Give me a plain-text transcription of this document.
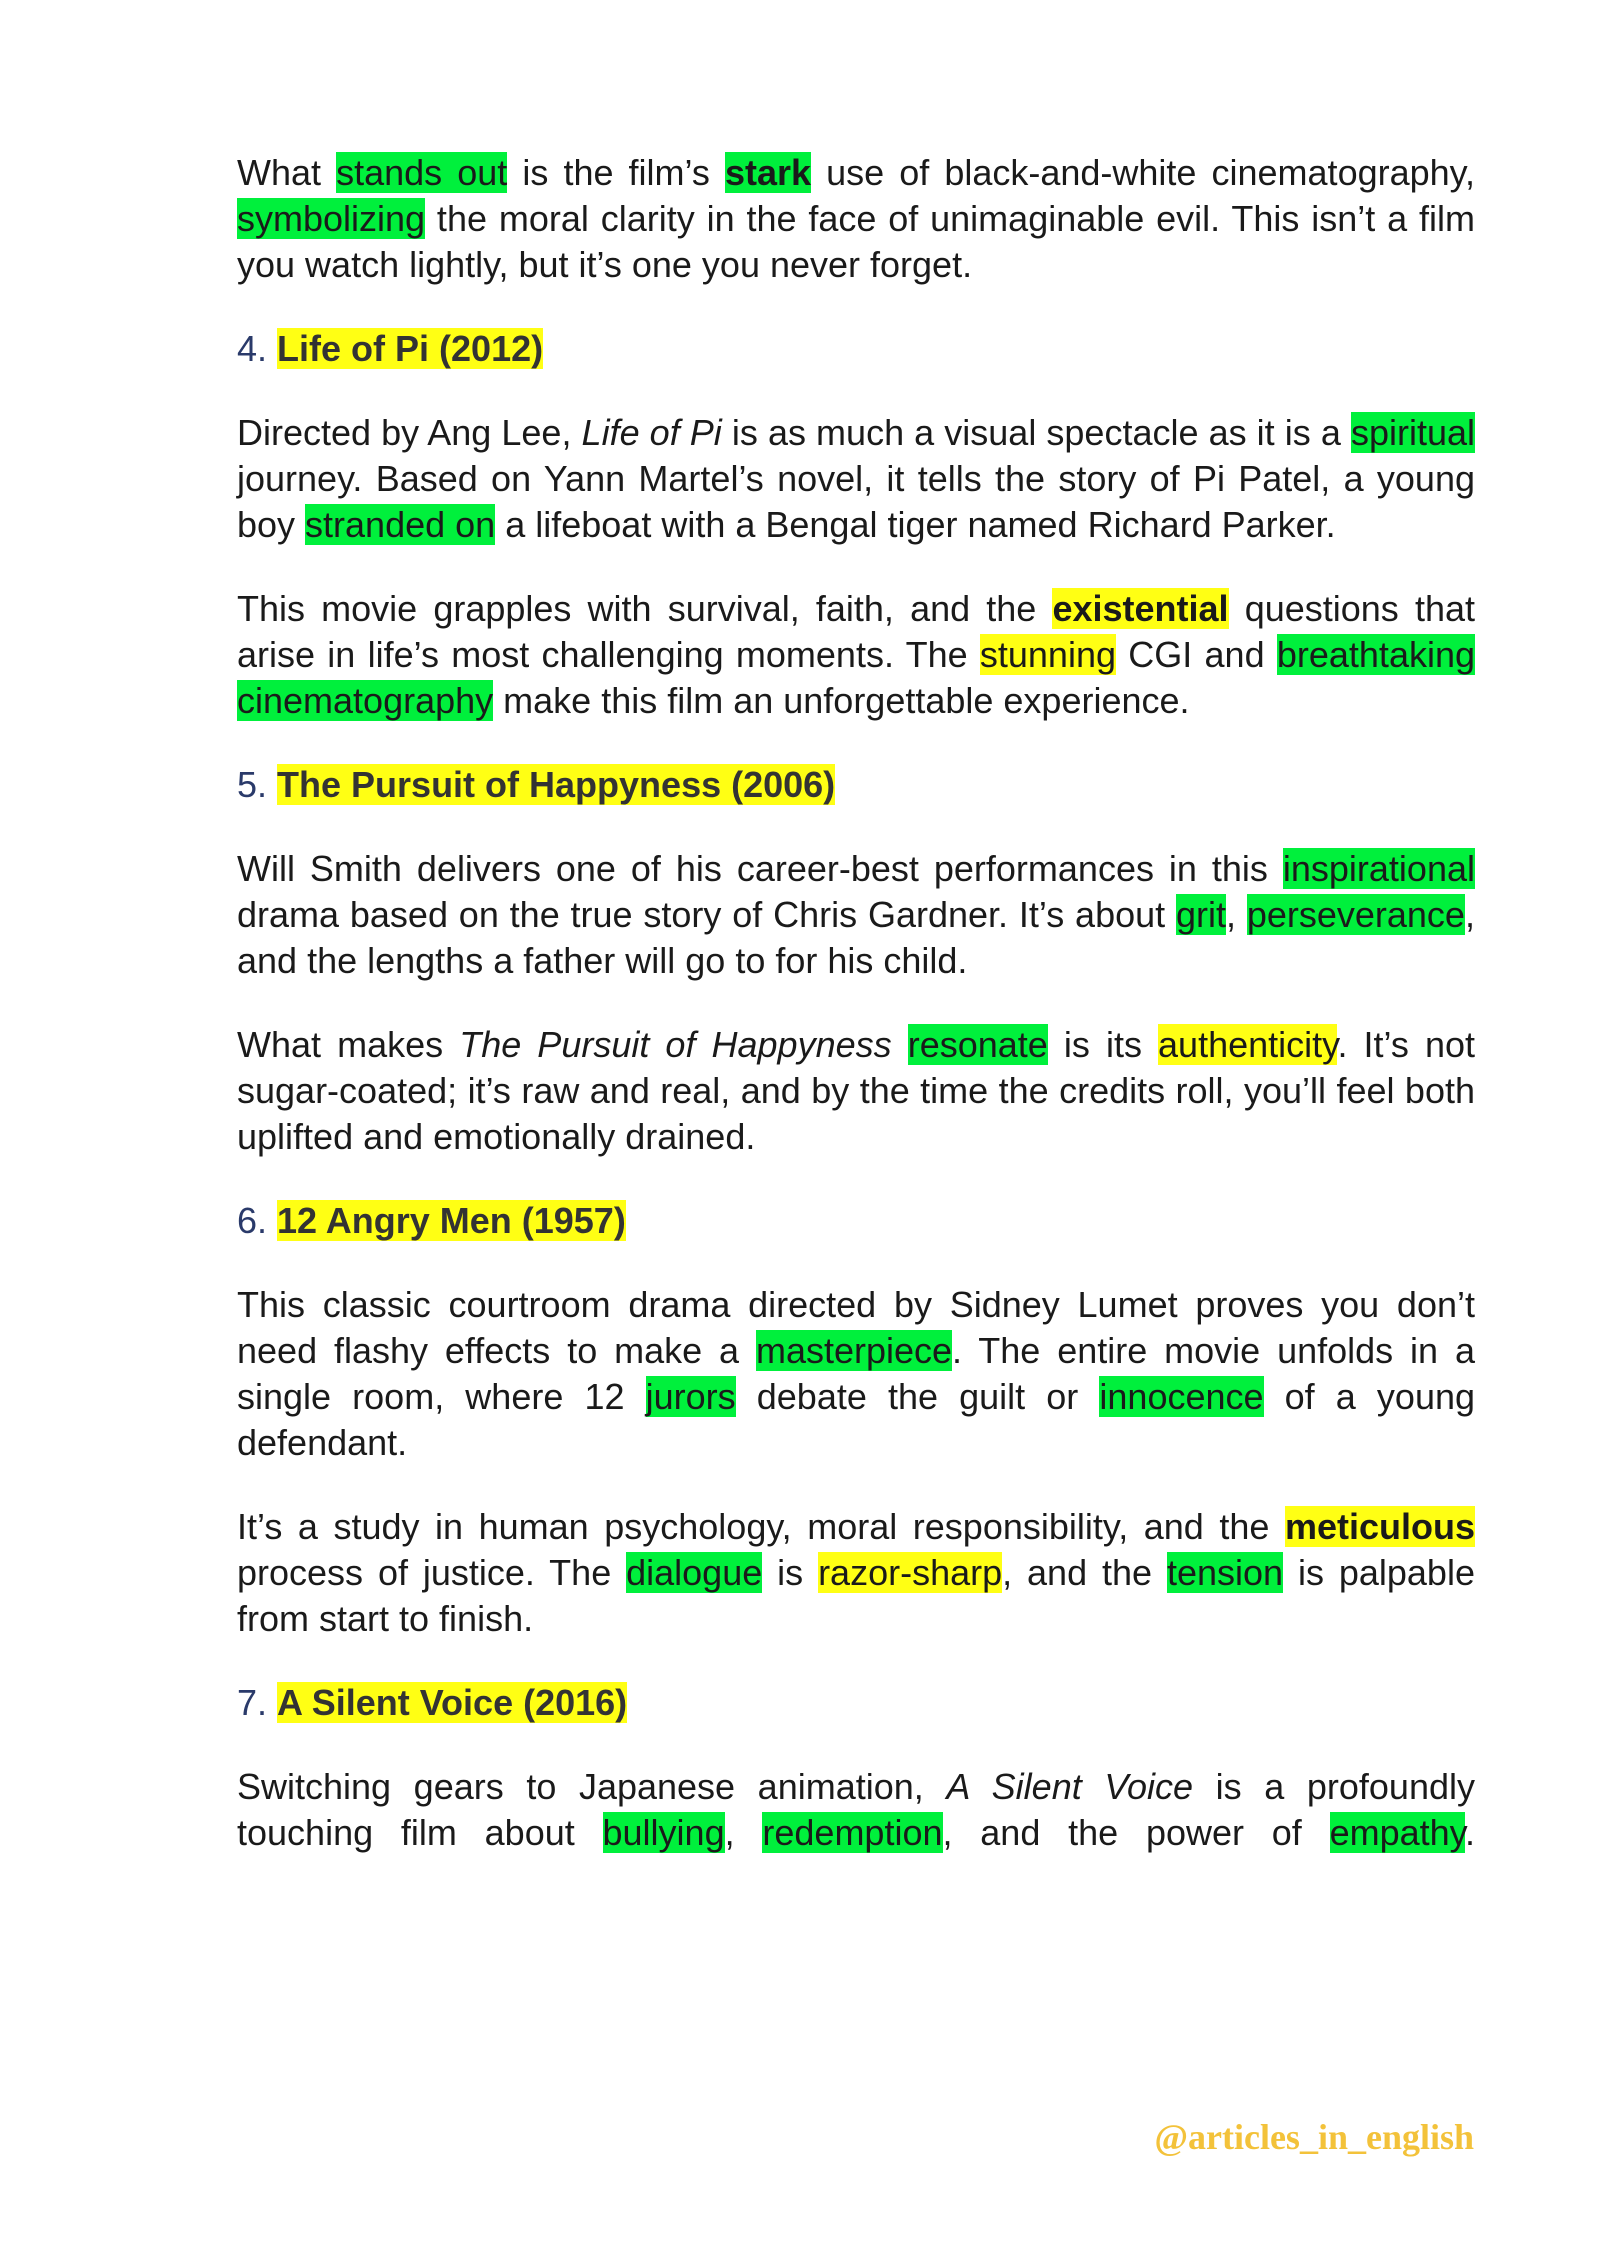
What stands out is the film’s stark use of black-and-white cinematography, symbolizing the moral clarity in the face of unimaginable evil. This isn’t a film you watch lightly, but it’s one you never forget.

4. Life of Pi (2012)

Directed by Ang Lee, Life of Pi is as much a visual spectacle as it is a spiritual journey. Based on Yann Martel’s novel, it tells the story of Pi Patel, a young boy stranded on a lifeboat with a Bengal tiger named Richard Parker.

This movie grapples with survival, faith, and the existential questions that arise in life’s most challenging moments. The stunning CGI and breathtaking cinematography make this film an unforgettable experience.

5. The Pursuit of Happyness (2006)

Will Smith delivers one of his career-best performances in this inspirational drama based on the true story of Chris Gardner. It’s about grit, perseverance, and the lengths a father will go to for his child.

What makes The Pursuit of Happyness resonate is its authenticity. It’s not sugar-coated; it’s raw and real, and by the time the credits roll, you’ll feel both uplifted and emotionally drained.

6. 12 Angry Men (1957)

This classic courtroom drama directed by Sidney Lumet proves you don’t need flashy effects to make a masterpiece. The entire movie unfolds in a single room, where 12 jurors debate the guilt or innocence of a young defendant.

It’s a study in human psychology, moral responsibility, and the meticulous process of justice. The dialogue is razor-sharp, and the tension is palpable from start to finish.

7. A Silent Voice (2016)

Switching gears to Japanese animation, A Silent Voice is a profoundly touching film about bullying, redemption, and the power of empathy.

@articles_in_english
